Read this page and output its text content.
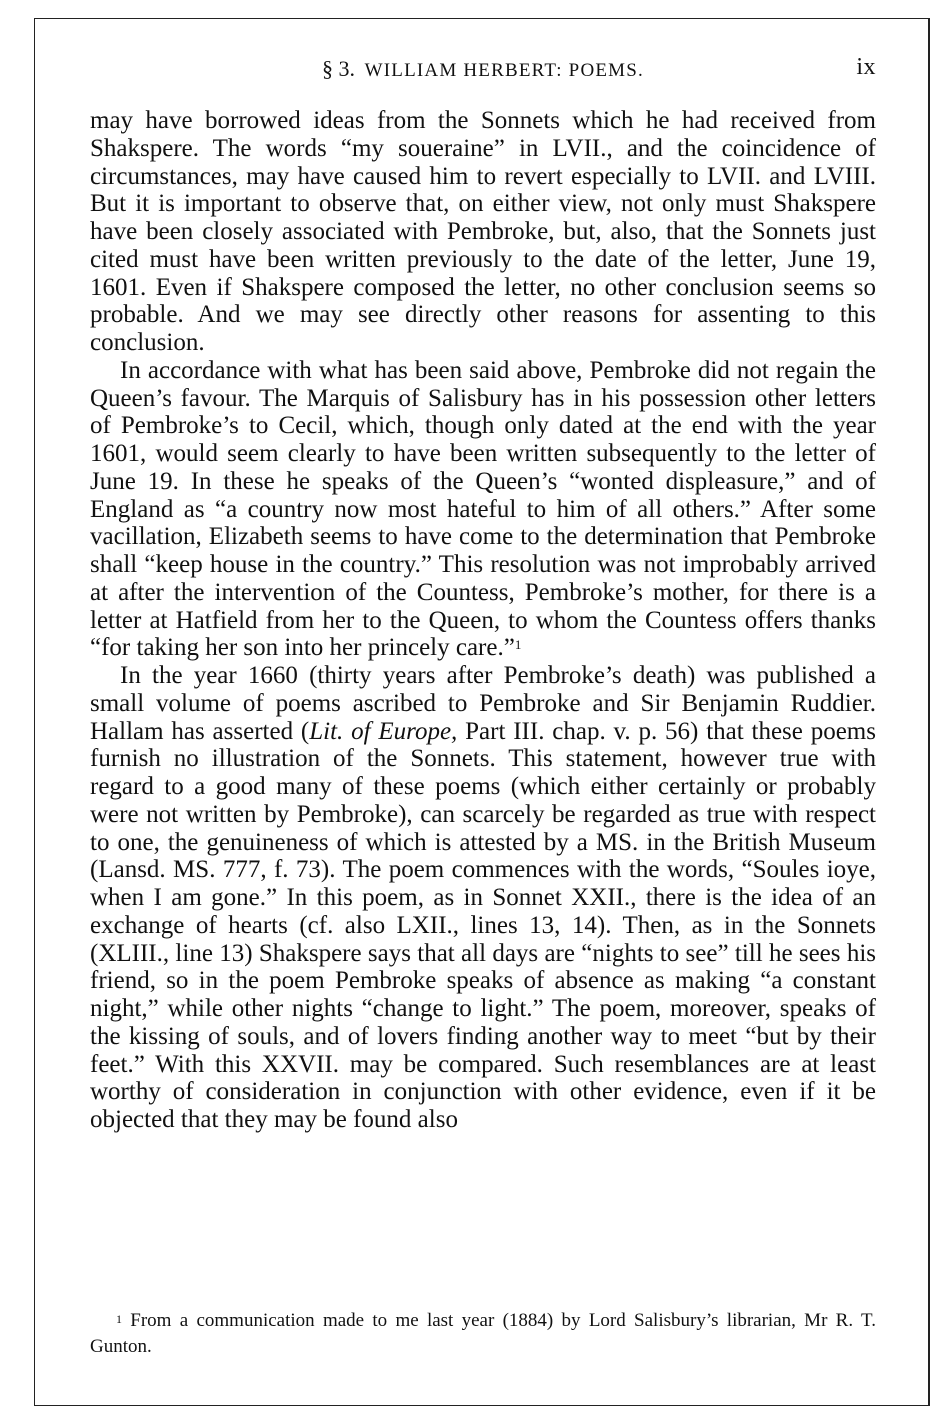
§ 3. WILLIAM HERBERT: POEMS.	ix

may have borrowed ideas from the Sonnets which he had received from Shakspere. The words “my soueraine” in LVII., and the coincidence of circumstances, may have caused him to revert especially to LVII. and LVIII. But it is important to observe that, on either view, not only must Shakspere have been closely associated with Pembroke, but, also, that the Sonnets just cited must have been written previously to the date of the letter, June 19, 1601. Even if Shakspere composed the letter, no other conclusion seems so probable. And we may see directly other reasons for assenting to this conclusion.

In accordance with what has been said above, Pembroke did not regain the Queen’s favour. The Marquis of Salisbury has in his possession other letters of Pembroke’s to Cecil, which, though only dated at the end with the year 1601, would seem clearly to have been written subsequently to the letter of June 19. In these he speaks of the Queen’s “wonted displeasure,” and of England as “a country now most hateful to him of all others.” After some vacillation, Elizabeth seems to have come to the determination that Pembroke shall “keep house in the country.” This resolution was not improbably arrived at after the intervention of the Countess, Pembroke’s mother, for there is a letter at Hatfield from her to the Queen, to whom the Countess offers thanks “for taking her son into her princely care.”$^1$

In the year 1660 (thirty years after Pembroke’s death) was published a small volume of poems ascribed to Pembroke and Sir Benjamin Ruddier. Hallam has asserted (Lit. of Europe, Part III. chap. v. p. 56) that these poems furnish no illustration of the Sonnets. This statement, however true with regard to a good many of these poems (which either certainly or probably were not written by Pembroke), can scarcely be regarded as true with respect to one, the genuineness of which is attested by a MS. in the British Museum (Lansd. MS. 777, f. 73). The poem commences with the words, “Soules ioye, when I am gone.” In this poem, as in Sonnet XXII., there is the idea of an exchange of hearts (cf. also LXII., lines 13, 14). Then, as in the Sonnets (XLIII., line 13) Shakspere says that all days are “nights to see” till he sees his friend, so in the poem Pembroke speaks of absence as making “a constant night,” while other nights “change to light.” The poem, moreover, speaks of the kissing of souls, and of lovers finding another way to meet “but by their feet.” With this XXVII. may be compared. Such resemblances are at least worthy of consideration in conjunction with other evidence, even if it be objected that they may be found also

$^1$ From a communication made to me last year (1884) by Lord Salisbury’s librarian, Mr R. T. Gunton.
